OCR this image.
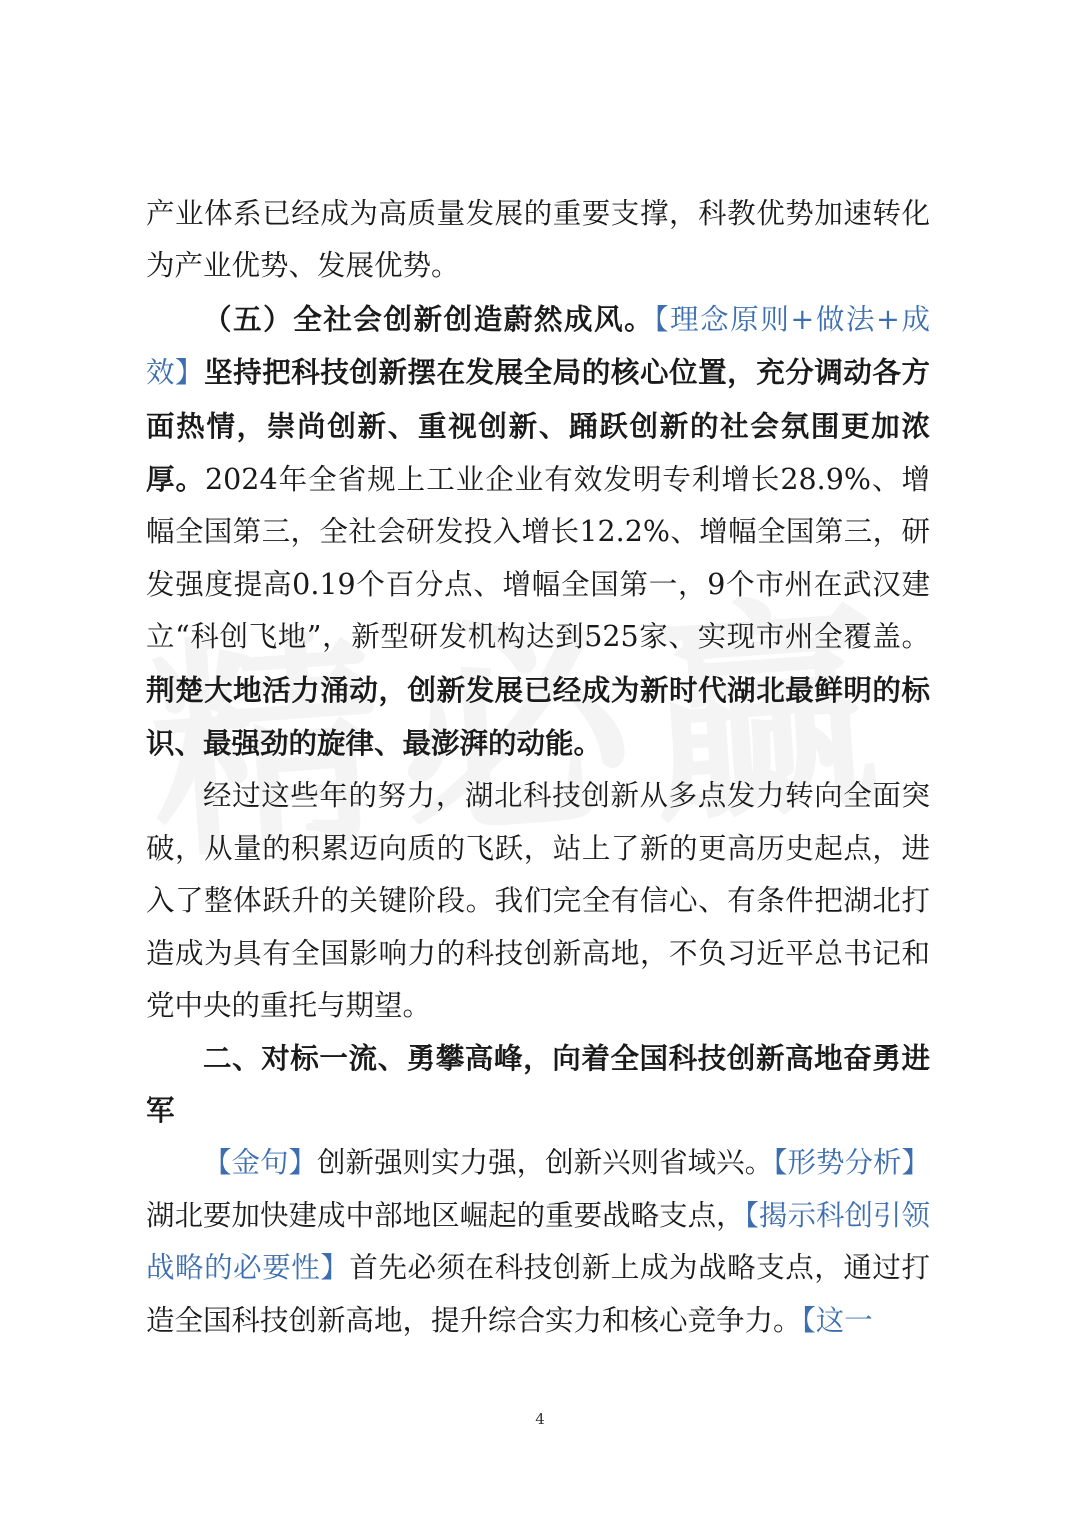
产业体系已经成为高质量发展的重要支撑，科教优势加速转化为产业优势、发展优势。

（五）全社会创新创造蔚然成风。【理念原则+做法+成效】坚持把科技创新摆在发展全局的核心位置，充分调动各方面热情，崇尚创新、重视创新、踊跃创新的社会氛围更加浓厚。2024年全省规上工业企业有效发明专利增长28.9%、增幅全国第三，全社会研发投入增长12.2%、增幅全国第三，研发强度提高0.19个百分点、增幅全国第一，9个市州在武汉建立“科创飞地”，新型研发机构达到525家、实现市州全覆盖。荆楚大地活力涌动，创新发展已经成为新时代湖北最鲜明的标识、最强劲的旋律、最澎湃的动能。

经过这些年的努力，湖北科技创新从多点发力转向全面突破，从量的积累迈向质的飞跃，站上了新的更高历史起点，进入了整体跃升的关键阶段。我们完全有信心、有条件把湖北打造成为具有全国影响力的科技创新高地，不负习近平总书记和党中央的重托与期望。

二、对标一流、勇攀高峰，向着全国科技创新高地奋勇进军

【金句】创新强则实力强，创新兴则省域兴。【形势分析】湖北要加快建成中部地区崛起的重要战略支点，【揭示科创引领战略的必要性】首先必须在科技创新上成为战略支点，通过打造全国科技创新高地，提升综合实力和核心竞争力。【这一

4
